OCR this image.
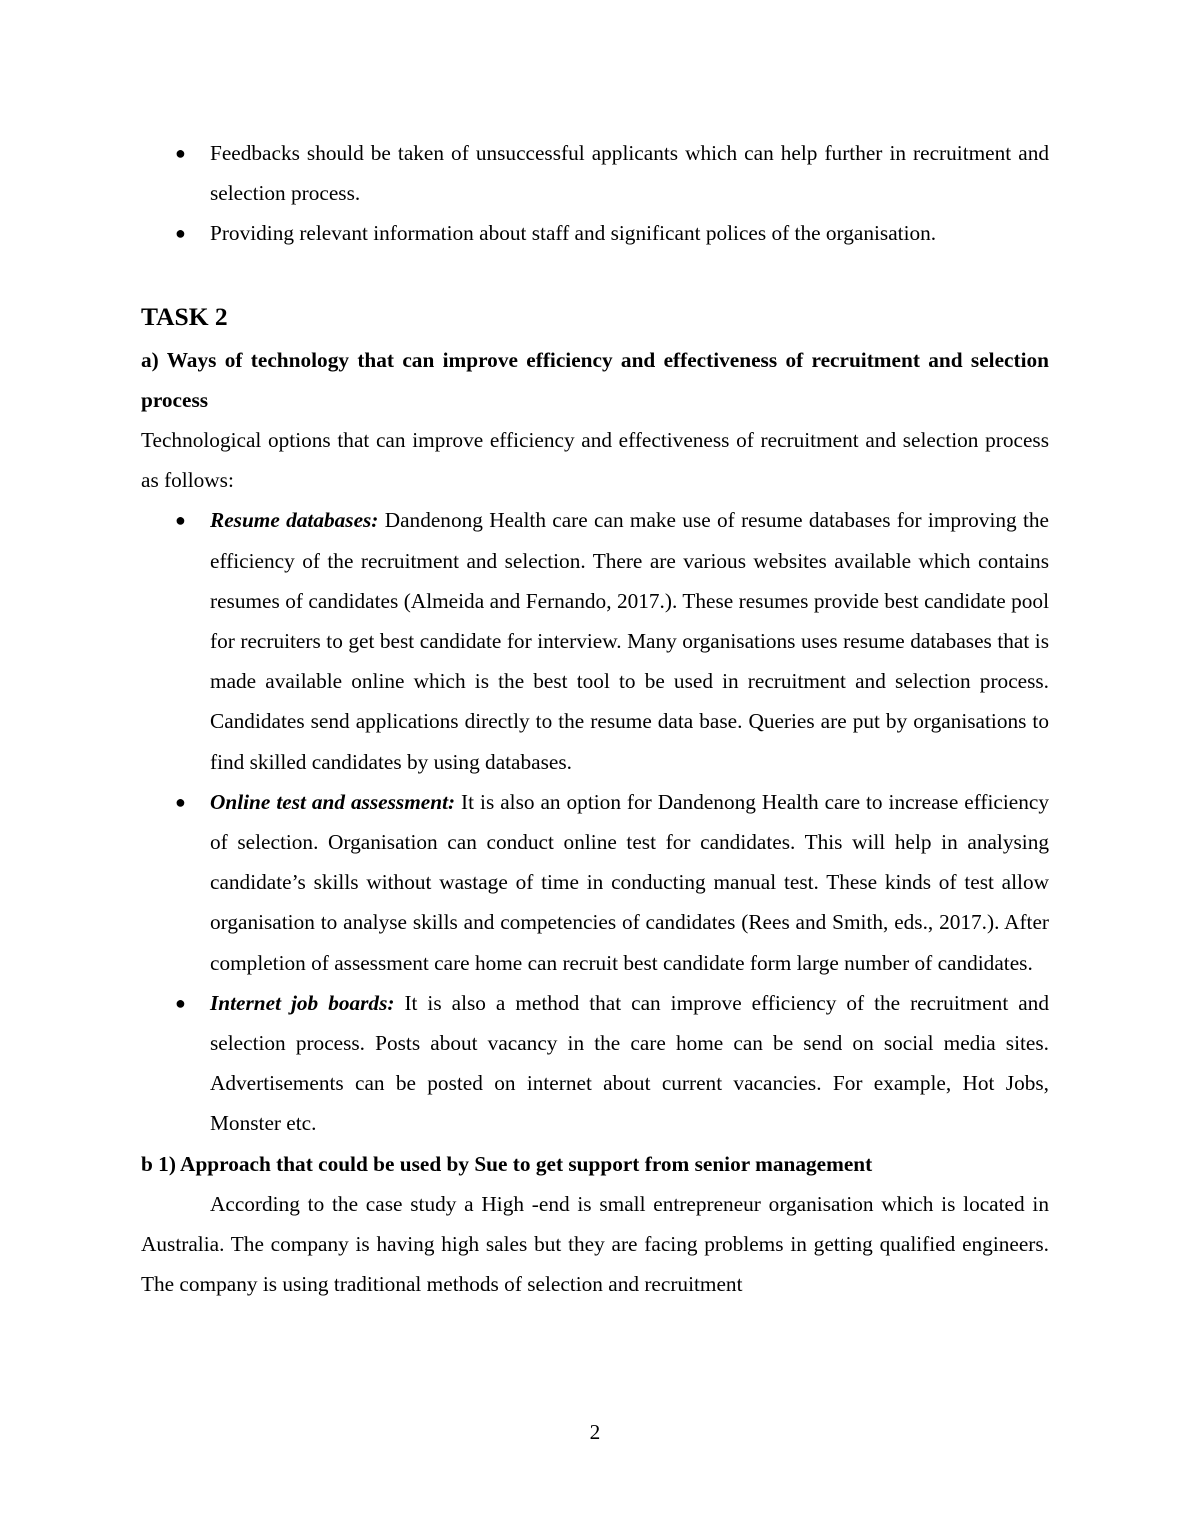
● Feedbacks should be taken of unsuccessful applicants which can help further in recruitment and selection process.
● Providing relevant information about staff and significant polices of the organisation.
TASK 2
a) Ways of technology that can improve efficiency and effectiveness of recruitment and selection process

Technological options that can improve efficiency and effectiveness of recruitment and selection process as follows:

● Resume databases: Dandenong Health care can make use of resume databases for improving the efficiency of the recruitment and selection. There are various websites available which contains resumes of candidates (Almeida and Fernando, 2017.). These resumes provide best candidate pool for recruiters to get best candidate for interview. Many organisations uses resume databases that is made available online which is the best tool to be used in recruitment and selection process. Candidates send applications directly to the resume data base. Queries are put by organisations to find skilled candidates by using databases.
● Online test and assessment: It is also an option for Dandenong Health care to increase efficiency of selection. Organisation can conduct online test for candidates. This will help in analysing candidate’s skills without wastage of time in conducting manual test. These kinds of test allow organisation to analyse skills and competencies of candidates (Rees and Smith, eds., 2017.). After completion of assessment care home can recruit best candidate form large number of candidates.
● Internet job boards: It is also a method that can improve efficiency of the recruitment and selection process. Posts about vacancy in the care home can be send on social media sites. Advertisements can be posted on internet about current vacancies. For example, Hot Jobs, Monster etc.
b 1) Approach that could be used by Sue to get support from senior management

According to the case study a High -end is small entrepreneur organisation which is located in Australia. The company is having high sales but they are facing problems in getting qualified engineers. The company is using traditional methods of selection and recruitment

2
